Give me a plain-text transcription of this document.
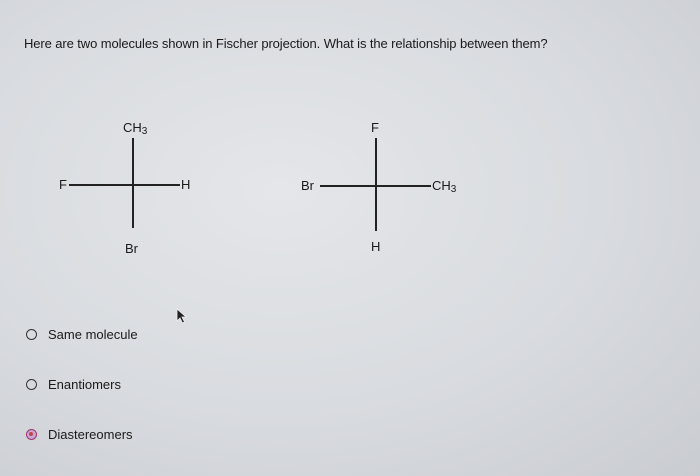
Here are two molecules shown in Fischer projection. What is the relationship between them?
$CH_3$
F	H
Br
F
Br	$CH_3$
H
Same molecule
Enantiomers
Diastereomers
